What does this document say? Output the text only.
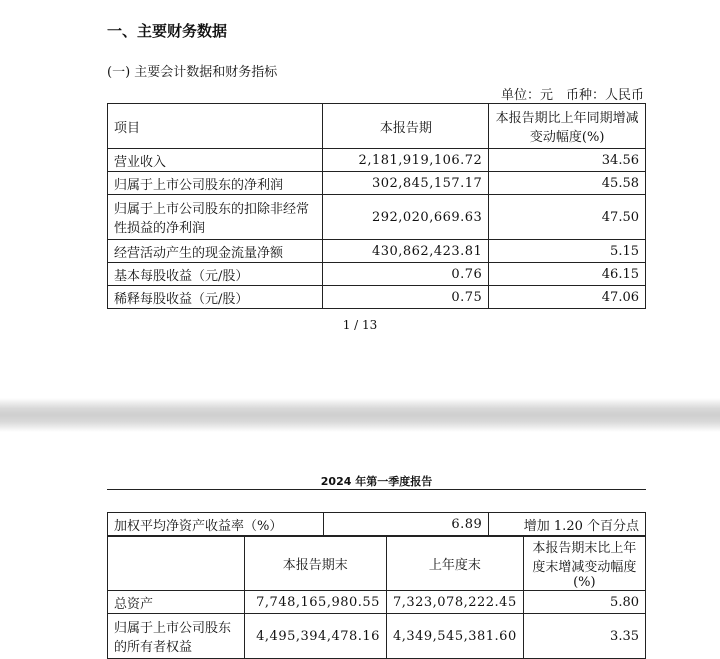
一、主要财务数据
(一) 主要会计数据和财务指标
单位：元　币种：人民币
项目	本报告期	本报告期比上年同期增减变动幅度(%)
营业收入	2,181,919,106.72	34.56
归属于上市公司股东的净利润	302,845,157.17	45.58
归属于上市公司股东的扣除非经常性损益的净利润	292,020,669.63	47.50
经营活动产生的现金流量净额	430,862,423.81	5.15
基本每股收益（元/股）	0.76	46.15
稀释每股收益（元/股）	0.75	47.06
1 / 13
2024 年第一季度报告
加权平均净资产收益率（%）	6.89	增加 1.20 个百分点
	本报告期末	上年度末	本报告期末比上年度末增减变动幅度(%)
总资产	7,748,165,980.55	7,323,078,222.45	5.80
归属于上市公司股东的所有者权益	4,495,394,478.16	4,349,545,381.60	3.35
